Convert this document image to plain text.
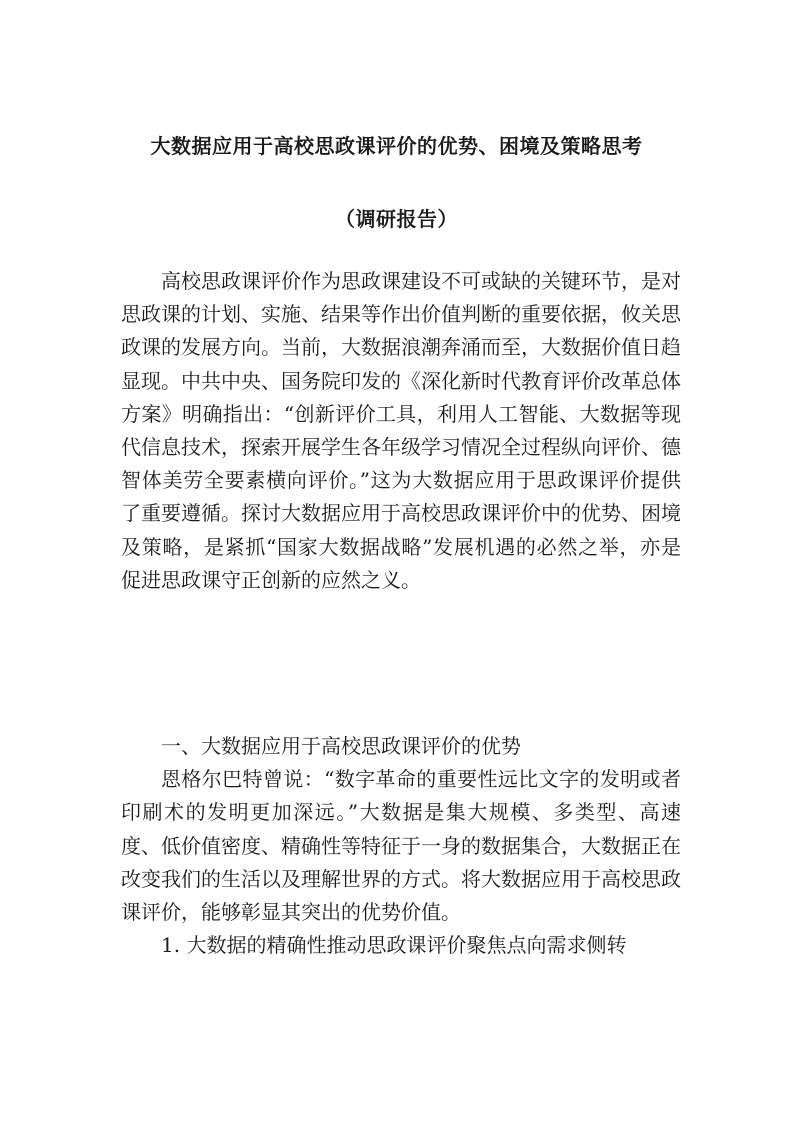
大数据应用于高校思政课评价的优势、困境及策略思考
（调研报告）

高校思政课评价作为思政课建设不可或缺的关键环节，是对思政课的计划、实施、结果等作出价值判断的重要依据，攸关思政课的发展方向。当前，大数据浪潮奔涌而至，大数据价值日趋显现。中共中央、国务院印发的《深化新时代教育评价改革总体方案》明确指出：“创新评价工具，利用人工智能、大数据等现代信息技术，探索开展学生各年级学习情况全过程纵向评价、德智体美劳全要素横向评价。”这为大数据应用于思政课评价提供了重要遵循。探讨大数据应用于高校思政课评价中的优势、困境及策略，是紧抓“国家大数据战略”发展机遇的必然之举，亦是促进思政课守正创新的应然之义。

一、大数据应用于高校思政课评价的优势

恩格尔巴特曾说：“数字革命的重要性远比文字的发明或者印刷术的发明更加深远。”大数据是集大规模、多类型、高速度、低价值密度、精确性等特征于一身的数据集合，大数据正在改变我们的生活以及理解世界的方式。将大数据应用于高校思政课评价，能够彰显其突出的优势价值。

1. 大数据的精确性推动思政课评价聚焦点向需求侧转
